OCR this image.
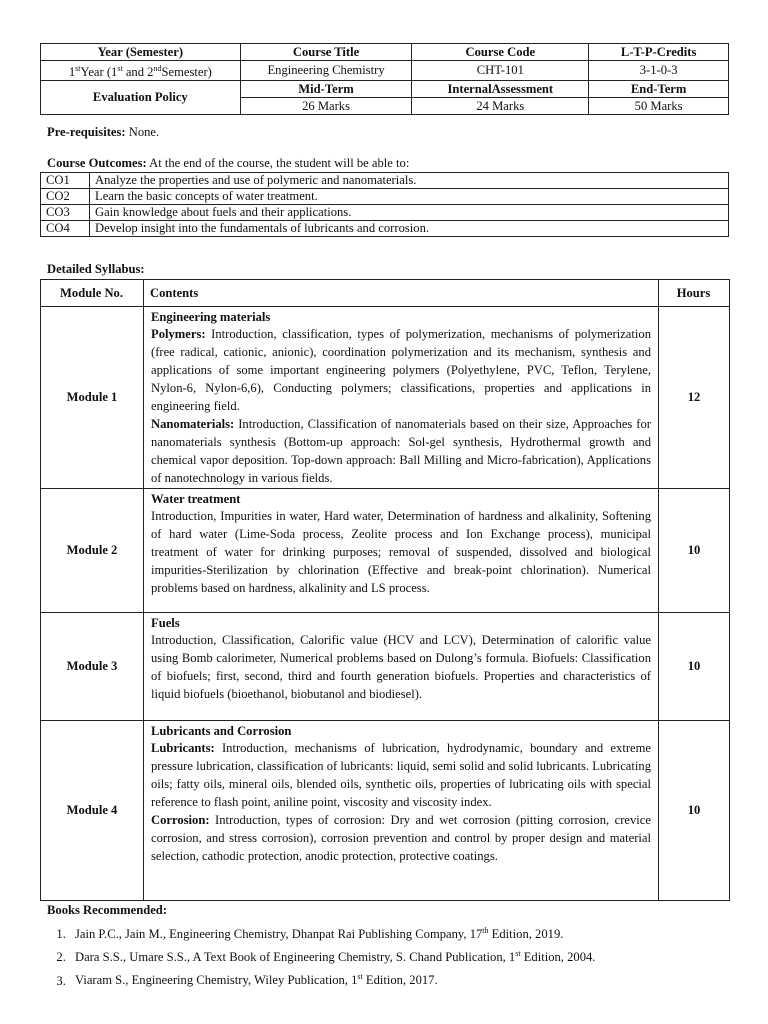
Year (Semester)	Course Title	Course Code	L-T-P-Credits
1stYear (1st and 2ndSemester)	Engineering Chemistry	CHT-101	3-1-0-3
Evaluation Policy	Mid-Term	InternalAssessment	End-Term
	26 Marks	24 Marks	50 Marks
Pre-requisites: None.
Course Outcomes: At the end of the course, the student will be able to:
CO1	Analyze the properties and use of polymeric and nanomaterials.
CO2	Learn the basic concepts of water treatment.
CO3	Gain knowledge about fuels and their applications.
CO4	Develop insight into the fundamentals of lubricants and corrosion.
Detailed Syllabus:
Module No.	Contents	Hours
Module 1	Engineering materials
Polymers: Introduction, classification, types of polymerization, mechanisms of polymerization (free radical, cationic, anionic), coordination polymerization and its mechanism, synthesis and applications of some important engineering polymers (Polyethylene, PVC, Teflon, Terylene, Nylon-6, Nylon-6,6), Conducting polymers; classifications, properties and applications in engineering field.
Nanomaterials: Introduction, Classification of nanomaterials based on their size, Approaches for nanomaterials synthesis (Bottom-up approach: Sol-gel synthesis, Hydrothermal growth and chemical vapor deposition. Top-down approach: Ball Milling and Micro-fabrication), Applications of nanotechnology in various fields.	12
Module 2	Water treatment
Introduction, Impurities in water, Hard water, Determination of hardness and alkalinity, Softening of hard water (Lime-Soda process, Zeolite process and Ion Exchange process), municipal treatment of water for drinking purposes; removal of suspended, dissolved and biological impurities-Sterilization by chlorination (Effective and break-point chlorination). Numerical problems based on hardness, alkalinity and LS process.	10
Module 3	Fuels
Introduction, Classification, Calorific value (HCV and LCV), Determination of calorific value using Bomb calorimeter, Numerical problems based on Dulong’s formula. Biofuels: Classification of biofuels; first, second, third and fourth generation biofuels. Properties and characteristics of liquid biofuels (bioethanol, biobutanol and biodiesel).	10
Module 4	Lubricants and Corrosion
Lubricants: Introduction, mechanisms of lubrication, hydrodynamic, boundary and extreme pressure lubrication, classification of lubricants: liquid, semi solid and solid lubricants. Lubricating oils; fatty oils, mineral oils, blended oils, synthetic oils, properties of lubricating oils with special reference to flash point, aniline point, viscosity and viscosity index.
Corrosion: Introduction, types of corrosion: Dry and wet corrosion (pitting corrosion, crevice corrosion, and stress corrosion), corrosion prevention and control by proper design and material selection, cathodic protection, anodic protection, protective coatings.	10
Books Recommended:
1. Jain P.C., Jain M., Engineering Chemistry, Dhanpat Rai Publishing Company, 17th Edition, 2019.
2. Dara S.S., Umare S.S., A Text Book of Engineering Chemistry, S. Chand Publication, 1st Edition, 2004.
3. Viaram S., Engineering Chemistry, Wiley Publication, 1st Edition, 2017.
